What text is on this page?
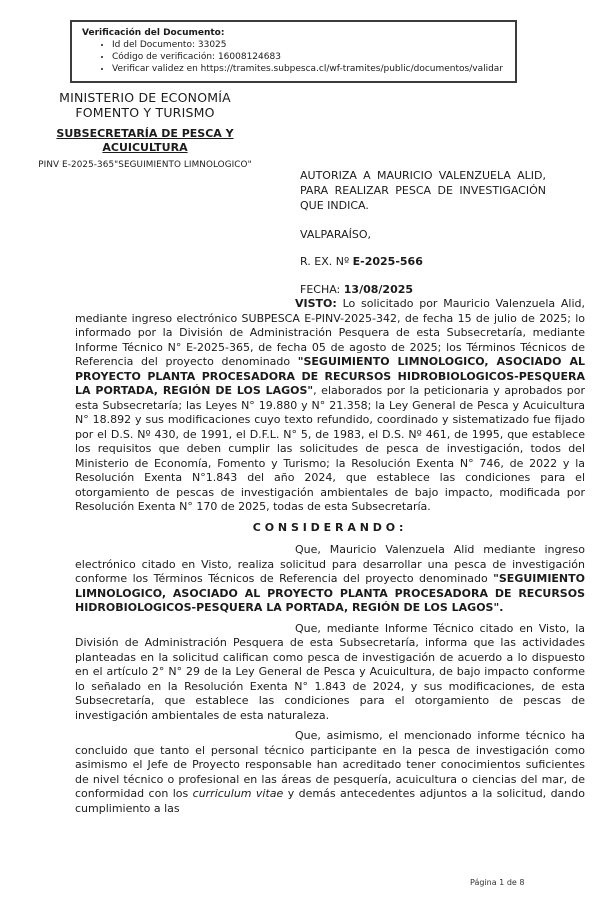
Verificación del Documento:
• Id del Documento: 33025
• Código de verificación: 16008124683
• Verificar validez en https://tramites.subpesca.cl/wf-tramites/public/documentos/validar
MINISTERIO DE ECONOMÍA
FOMENTO Y TURISMO
SUBSECRETARÍA DE PESCA Y
ACUICULTURA
PINV E-2025-365"SEGUIMIENTO LIMNOLOGICO"
AUTORIZA A MAURICIO VALENZUELA ALID, PARA REALIZAR PESCA DE INVESTIGACIÓN QUE INDICA.
VALPARAÍSO,
R. EX. Nº E-2025-566
FECHA: 13/08/2025

VISTO: Lo solicitado por Mauricio Valenzuela Alid, mediante ingreso electrónico SUBPESCA E-PINV-2025-342, de fecha 15 de julio de 2025; lo informado por la División de Administración Pesquera de esta Subsecretaría, mediante Informe Técnico N° E-2025-365, de fecha 05 de agosto de 2025; los Términos Técnicos de Referencia del proyecto denominado "SEGUIMIENTO LIMNOLOGICO, ASOCIADO AL PROYECTO PLANTA PROCESADORA DE RECURSOS HIDROBIOLOGICOS-PESQUERA LA PORTADA, REGIÓN DE LOS LAGOS", elaborados por la peticionaria y aprobados por esta Subsecretaría; las Leyes N° 19.880 y N° 21.358; la Ley General de Pesca y Acuicultura N° 18.892 y sus modificaciones cuyo texto refundido, coordinado y sistematizado fue fijado por el D.S. Nº 430, de 1991, el D.F.L. N° 5, de 1983, el D.S. Nº 461, de 1995, que establece los requisitos que deben cumplir las solicitudes de pesca de investigación, todos del Ministerio de Economía, Fomento y Turismo; la Resolución Exenta N° 746, de 2022 y la Resolución Exenta N°1.843 del año 2024, que establece las condiciones para el otorgamiento de pescas de investigación ambientales de bajo impacto, modificada por Resolución Exenta N° 170 de 2025, todas de esta Subsecretaría.

CONSIDERANDO:

Que, Mauricio Valenzuela Alid mediante ingreso electrónico citado en Visto, realiza solicitud para desarrollar una pesca de investigación conforme los Términos Técnicos de Referencia del proyecto denominado "SEGUIMIENTO LIMNOLOGICO, ASOCIADO AL PROYECTO PLANTA PROCESADORA DE RECURSOS HIDROBIOLOGICOS-PESQUERA LA PORTADA, REGIÓN DE LOS LAGOS".

Que, mediante Informe Técnico citado en Visto, la División de Administración Pesquera de esta Subsecretaría, informa que las actividades planteadas en la solicitud califican como pesca de investigación de acuerdo a lo dispuesto en el artículo 2° N° 29 de la Ley General de Pesca y Acuicultura, de bajo impacto conforme lo señalado en la Resolución Exenta N° 1.843 de 2024, y sus modificaciones, de esta Subsecretaría, que establece las condiciones para el otorgamiento de pescas de investigación ambientales de esta naturaleza.

Que, asimismo, el mencionado informe técnico ha concluido que tanto el personal técnico participante en la pesca de investigación como asimismo el Jefe de Proyecto responsable han acreditado tener conocimientos suficientes de nivel técnico o profesional en las áreas de pesquería, acuicultura o ciencias del mar, de conformidad con los curriculum vitae y demás antecedentes adjuntos a la solicitud, dando cumplimiento a las

Página 1 de 8
